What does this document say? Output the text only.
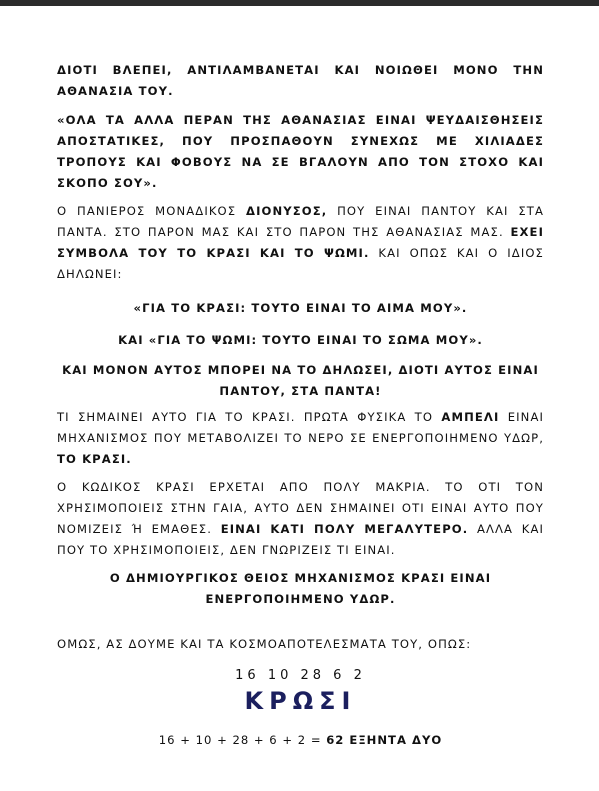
ΔΙΟΤΙ ΒΛΕΠΕΙ, ΑΝΤΙΛΑΜΒΑΝΕΤΑΙ ΚΑΙ ΝΟΙΩΘΕΙ ΜΟΝΟ ΤΗΝ ΑΘΑΝΑΣΙΑ ΤΟΥ.

«ΟΛΑ ΤΑ ΑΛΛΑ ΠΕΡΑΝ ΤΗΣ ΑΘΑΝΑΣΙΑΣ ΕΙΝΑΙ ΨΕΥΔΑΙΣΘΗΣΕΙΣ ΑΠΟΣΤΑΤΙΚΕΣ, ΠΟΥ ΠΡΟΣΠΑΘΟΥΝ ΣΥΝΕΧΩΣ ΜΕ ΧΙΛΙΑΔΕΣ ΤΡΟΠΟΥΣ ΚΑΙ ΦΟΒΟΥΣ ΝΑ ΣΕ ΒΓΑΛΟΥΝ ΑΠΟ ΤΟΝ ΣΤΟΧΟ ΚΑΙ ΣΚΟΠΟ ΣΟΥ».

Ο ΠΑΝΙΕΡΟΣ ΜΟΝΑΔΙΚΟΣ ΔΙΟΝΥΣΟΣ, ΠΟΥ ΕΙΝΑΙ ΠΑΝΤΟΥ ΚΑΙ ΣΤΑ ΠΑΝΤΑ. ΣΤΟ ΠΑΡΟΝ ΜΑΣ ΚΑΙ ΣΤΟ ΠΑΡΟΝ ΤΗΣ ΑΘΑΝΑΣΙΑΣ ΜΑΣ. ΕΧΕΙ ΣΥΜΒΟΛΑ ΤΟΥ ΤΟ ΚΡΑΣΙ ΚΑΙ ΤΟ ΨΩΜΙ. ΚΑΙ ΟΠΩΣ ΚΑΙ Ο ΙΔΙΟΣ ΔΗΛΩΝΕΙ:

«ΓΙΑ ΤΟ ΚΡΑΣΙ: ΤΟΥΤΟ ΕΙΝΑΙ ΤΟ ΑΙΜΑ ΜΟΥ».

ΚΑΙ «ΓΙΑ ΤΟ ΨΩΜΙ: ΤΟΥΤΟ ΕΙΝΑΙ ΤΟ ΣΩΜΑ ΜΟΥ».

ΚΑΙ ΜΟΝΟΝ ΑΥΤΟΣ ΜΠΟΡΕΙ ΝΑ ΤΟ ΔΗΛΩΣΕΙ, ΔΙΟΤΙ ΑΥΤΟΣ ΕΙΝΑΙ ΠΑΝΤΟΥ, ΣΤΑ ΠΑΝΤΑ!

ΤΙ ΣΗΜΑΙΝΕΙ ΑΥΤΟ ΓΙΑ ΤΟ ΚΡΑΣΙ. ΠΡΩΤΑ ΦΥΣΙΚΑ ΤΟ ΑΜΠΕΛΙ ΕΙΝΑΙ ΜΗΧΑΝΙΣΜΟΣ ΠΟΥ ΜΕΤΑΒΟΛΙΖΕΙ ΤΟ ΝΕΡΟ ΣΕ ΕΝΕΡΓΟΠΟΙΗΜΕΝΟ ΥΔΩΡ, ΤΟ ΚΡΑΣΙ.

Ο ΚΩΔΙΚΟΣ ΚΡΑΣΙ ΕΡΧΕΤΑΙ ΑΠΟ ΠΟΛΥ ΜΑΚΡΙΑ. ΤΟ ΟΤΙ ΤΟΝ ΧΡΗΣΙΜΟΠΟΙΕΙΣ ΣΤΗΝ ΓΑΙΑ, ΑΥΤΟ ΔΕΝ ΣΗΜΑΙΝΕΙ ΟΤΙ ΕΙΝΑΙ ΑΥΤΟ ΠΟΥ ΝΟΜΙΖΕΙΣ Ή ΕΜΑΘΕΣ. ΕΙΝΑΙ ΚΑΤΙ ΠΟΛΥ ΜΕΓΑΛΥΤΕΡΟ. ΑΛΛΑ ΚΑΙ ΠΟΥ ΤΟ ΧΡΗΣΙΜΟΠΟΙΕΙΣ, ΔΕΝ ΓΝΩΡΙΖΕΙΣ ΤΙ ΕΙΝΑΙ.

Ο ΔΗΜΙΟΥΡΓΙΚΟΣ ΘΕΙΟΣ ΜΗΧΑΝΙΣΜΟΣ ΚΡΑΣΙ ΕΙΝΑΙ ΕΝΕΡΓΟΠΟΙΗΜΕΝΟ ΥΔΩΡ.

ΟΜΩΣ, ΑΣ ΔΟΥΜΕ ΚΑΙ ΤΑ ΚΟΣΜΟΑΠΟΤΕΛΕΣΜΑΤΑ ΤΟΥ, ΟΠΩΣ:

16 10 28 6 2
ΚΡΩΣΙ
16 + 10 + 28 + 6 + 2 = 62 ΕΞΗΝΤΑ ΔΥΟ
